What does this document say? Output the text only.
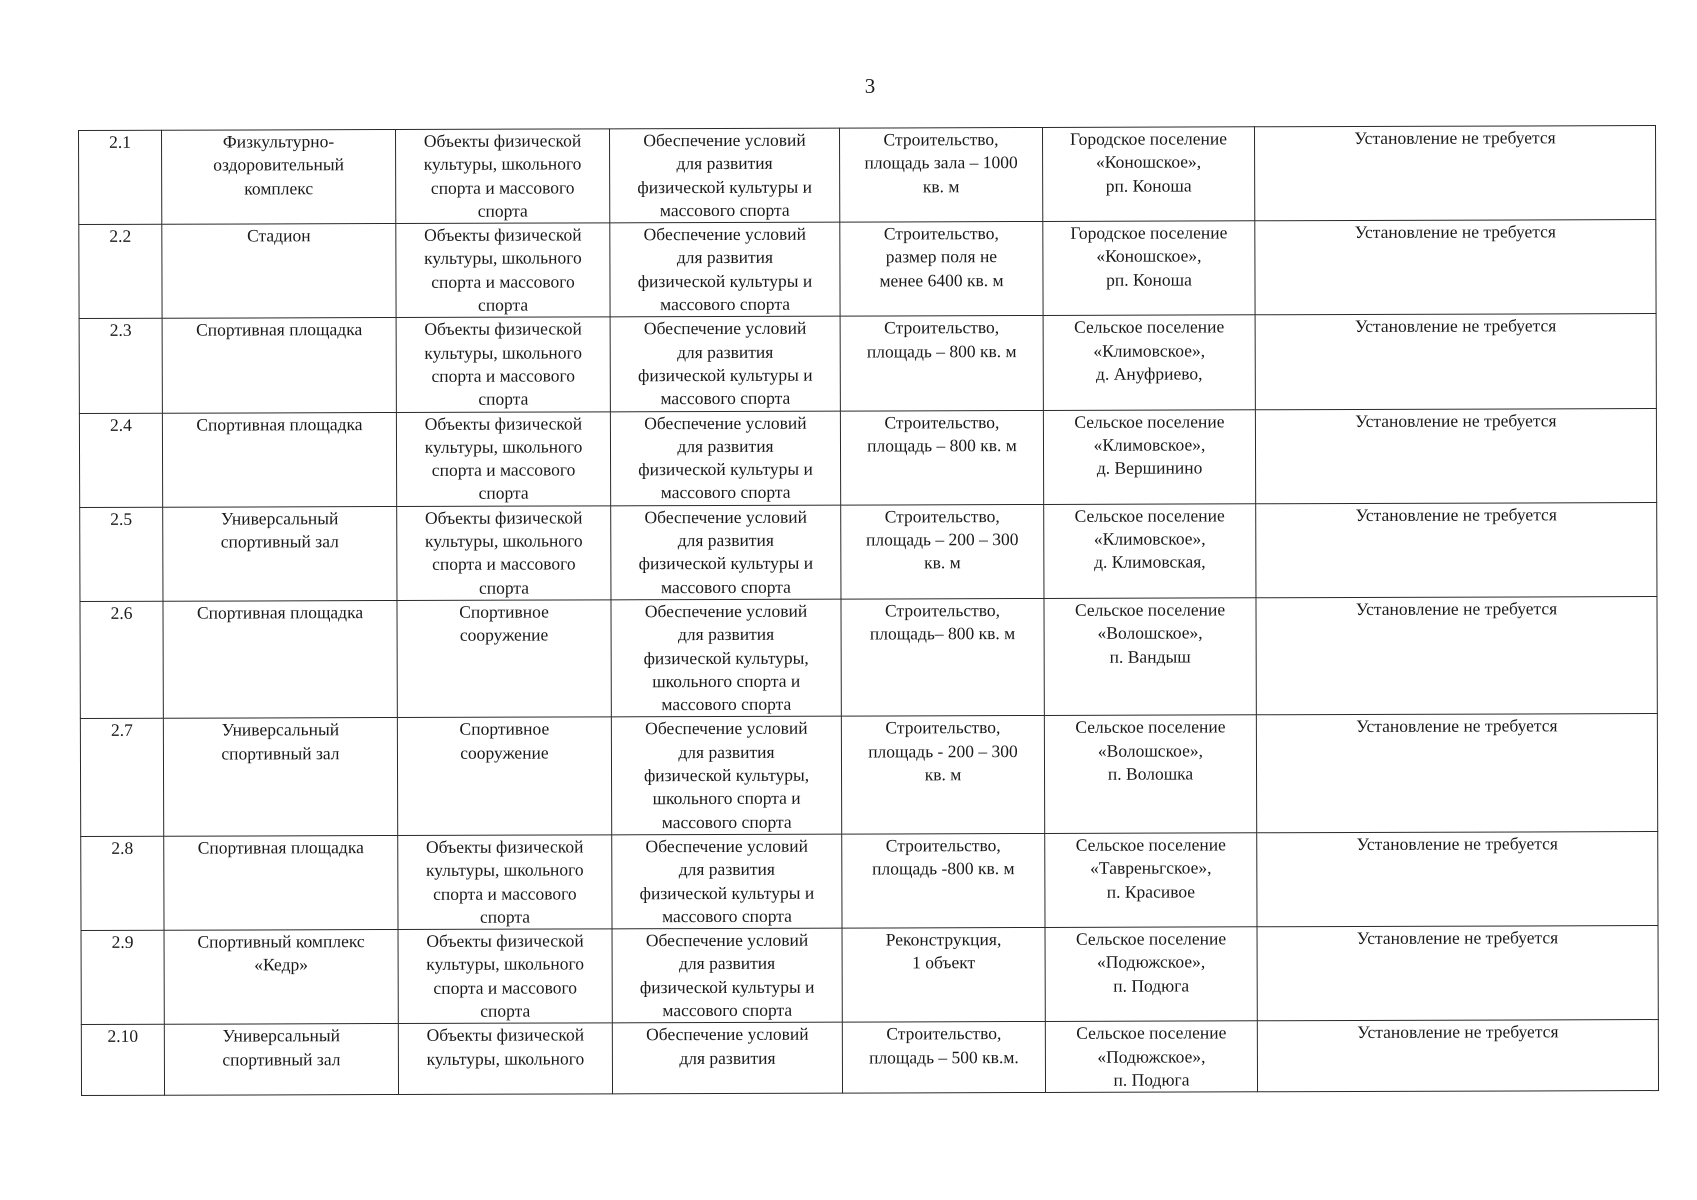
3
2.1	Физкультурно-
оздоровительный
комплекс	Объекты физической
культуры, школьного
спорта и массового
спорта	Обеспечение условий
для развития
физической культуры и
массового спорта	Строительство,
площадь зала – 1000
кв. м	Городское поселение
«Коношское»,
рп. Коноша	Установление не требуется

2.2	Стадион	Объекты физической
культуры, школьного
спорта и массового
спорта	Обеспечение условий
для развития
физической культуры и
массового спорта	Строительство,
размер поля не
менее 6400 кв. м	Городское поселение
«Коношское»,
рп. Коноша	Установление не требуется

2.3	Спортивная площадка	Объекты физической
культуры, школьного
спорта и массового
спорта	Обеспечение условий
для развития
физической культуры и
массового спорта	Строительство,
площадь – 800 кв. м	Сельское поселение
«Климовское»,
д. Ануфриево,	Установление не требуется

2.4	Спортивная площадка	Объекты физической
культуры, школьного
спорта и массового
спорта	Обеспечение условий
для развития
физической культуры и
массового спорта	Строительство,
площадь – 800 кв. м	Сельское поселение
«Климовское»,
д. Вершинино	Установление не требуется

2.5	Универсальный
спортивный зал	Объекты физической
культуры, школьного
спорта и массового
спорта	Обеспечение условий
для развития
физической культуры и
массового спорта	Строительство,
площадь – 200 – 300
кв. м	Сельское поселение
«Климовское»,
д. Климовская,	Установление не требуется

2.6	Спортивная площадка	Спортивное
сооружение	Обеспечение условий
для развития
физической культуры,
школьного спорта и
массового спорта	Строительство,
площадь– 800 кв. м	Сельское поселение
«Волошское»,
п. Вандыш	Установление не требуется

2.7	Универсальный
спортивный зал	Спортивное
сооружение	Обеспечение условий
для развития
физической культуры,
школьного спорта и
массового спорта	Строительство,
площадь - 200 – 300
кв. м	Сельское поселение
«Волошское»,
п. Волошка	Установление не требуется

2.8	Спортивная площадка	Объекты физической
культуры, школьного
спорта и массового
спорта	Обеспечение условий
для развития
физической культуры и
массового спорта	Строительство,
площадь -800 кв. м	Сельское поселение
«Тавреньгское»,
п. Красивое	Установление не требуется

2.9	Спортивный комплекс
«Кедр»	Объекты физической
культуры, школьного
спорта и массового
спорта	Обеспечение условий
для развития
физической культуры и
массового спорта	Реконструкция,
1 объект	Сельское поселение
«Подюжское»,
п. Подюга	Установление не требуется

2.10	Универсальный
спортивный зал	Объекты физической
культуры, школьного	Обеспечение условий
для развития	Строительство,
площадь – 500 кв.м.	Сельское поселение
«Подюжское»,
п. Подюга	Установление не требуется
